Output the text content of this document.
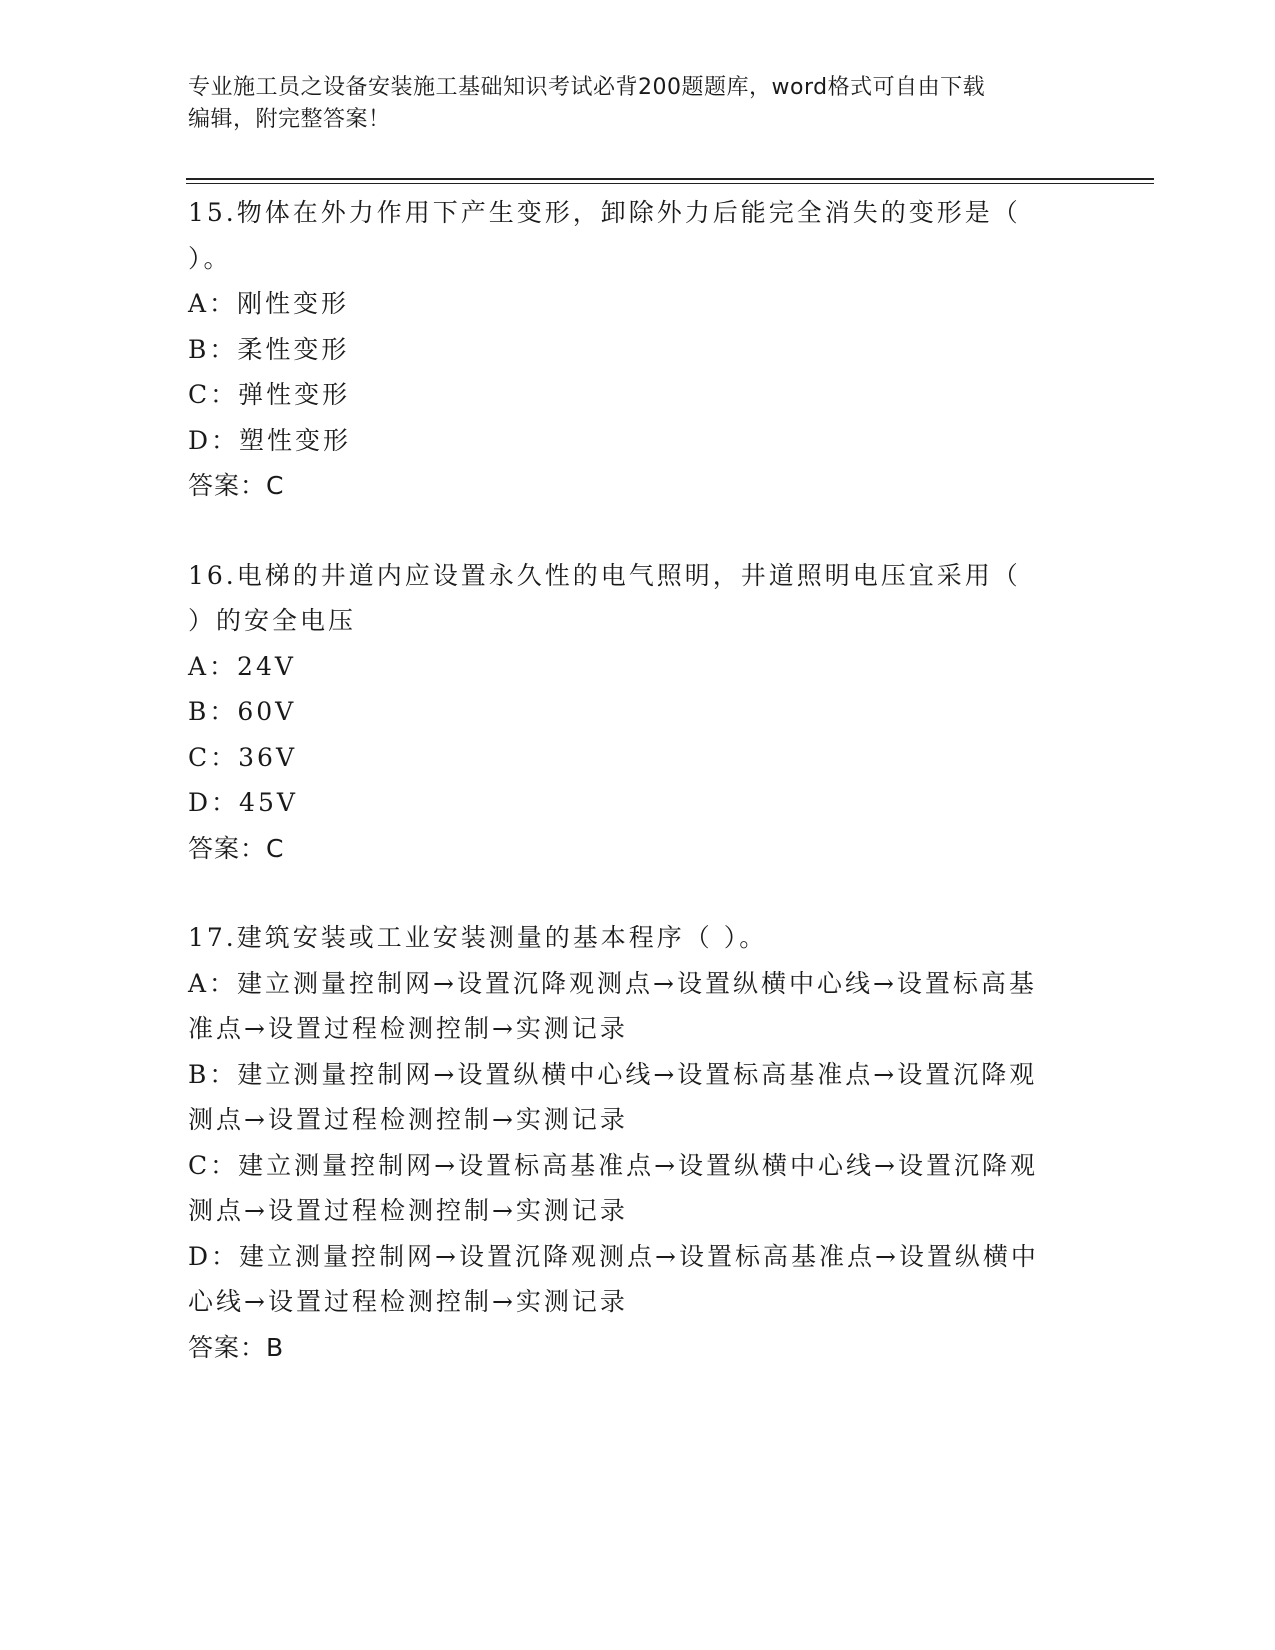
专业施工员之设备安装施工基础知识考试必背200题题库，word格式可自由下载
编辑，附完整答案！
15.物体在外力作用下产生变形，卸除外力后能完全消失的变形是（
）。
A：刚性变形
B：柔性变形
C：弹性变形
D：塑性变形
答案：C
16.电梯的井道内应设置永久性的电气照明，井道照明电压宜采用（
）的安全电压
A：24V
B：60V
C：36V
D：45V
答案：C
17.建筑安装或工业安装测量的基本程序（ ）。
A：建立测量控制网→设置沉降观测点→设置纵横中心线→设置标高基
准点→设置过程检测控制→实测记录
B：建立测量控制网→设置纵横中心线→设置标高基准点→设置沉降观
测点→设置过程检测控制→实测记录
C：建立测量控制网→设置标高基准点→设置纵横中心线→设置沉降观
测点→设置过程检测控制→实测记录
D：建立测量控制网→设置沉降观测点→设置标高基准点→设置纵横中
心线→设置过程检测控制→实测记录
答案：B
